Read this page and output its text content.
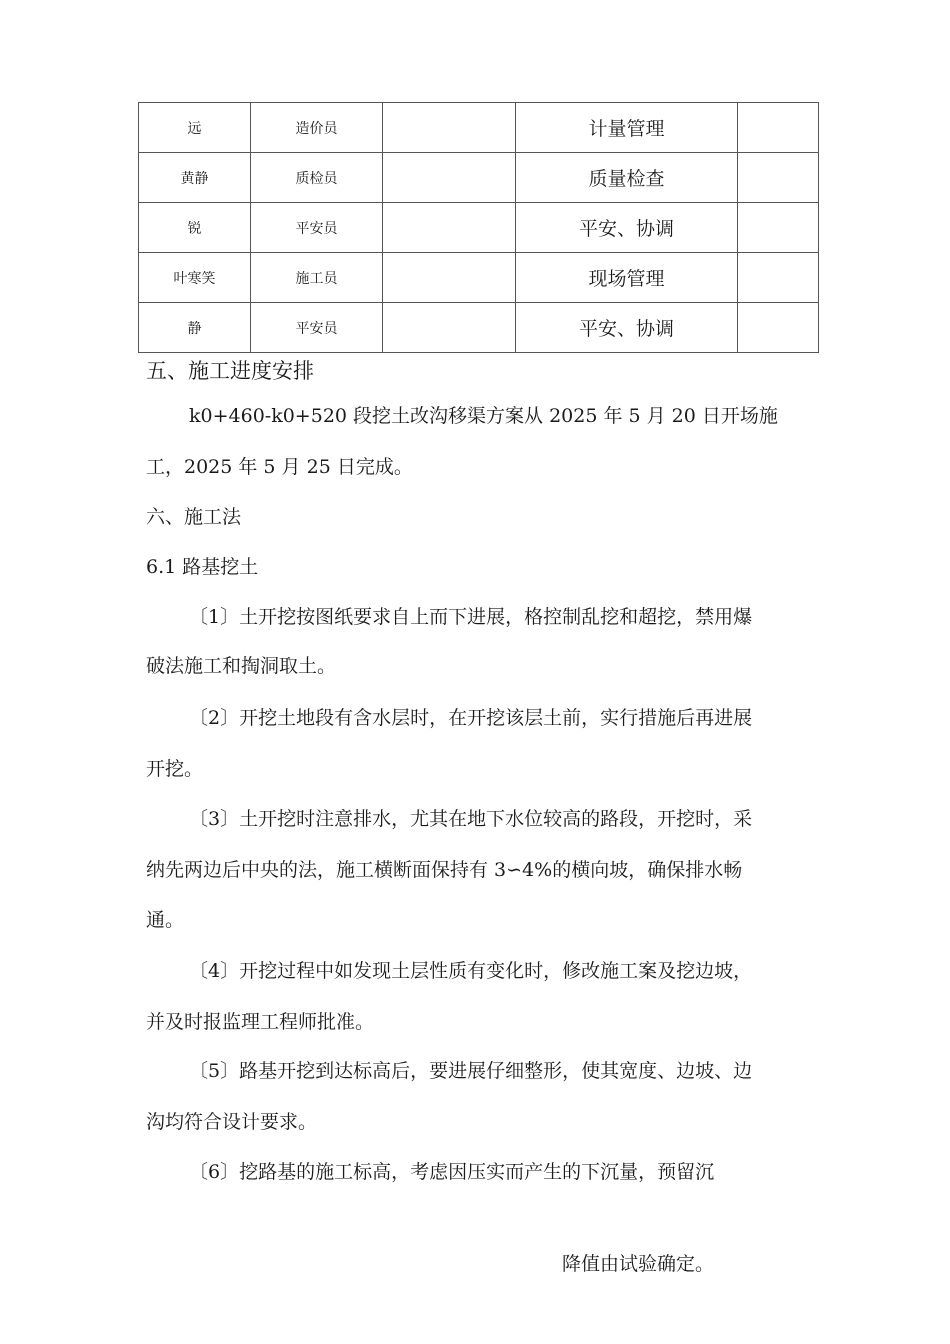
远	造价员		计量管理	
黄静	质检员		质量检查	
锐	平安员		平安、协调	
叶寒笑	施工员		现场管理	
静	平安员		平安、协调	
五、施工进度安排
k0+460-k0+520 段挖土改沟移渠方案从 2025 年 5 月 20 日开场施
工，2025 年 5 月 25 日完成。
六、施工法
6.1 路基挖土
〔1〕土开挖按图纸要求自上而下进展，格控制乱挖和超挖，禁用爆
破法施工和掏洞取土。
〔2〕开挖土地段有含水层时，在开挖该层土前，实行措施后再进展
开挖。
〔3〕土开挖时注意排水，尤其在地下水位较高的路段，开挖时，采
纳先两边后中央的法，施工横断面保持有 3∽4%的横向坡，确保排水畅
通。
〔4〕开挖过程中如发现土层性质有变化时，修改施工案及挖边坡，
并及时报监理工程师批准。
〔5〕路基开挖到达标高后，要进展仔细整形，使其宽度、边坡、边
沟均符合设计要求。
〔6〕挖路基的施工标高，考虑因压实而产生的下沉量，预留沉
降值由试验确定。
